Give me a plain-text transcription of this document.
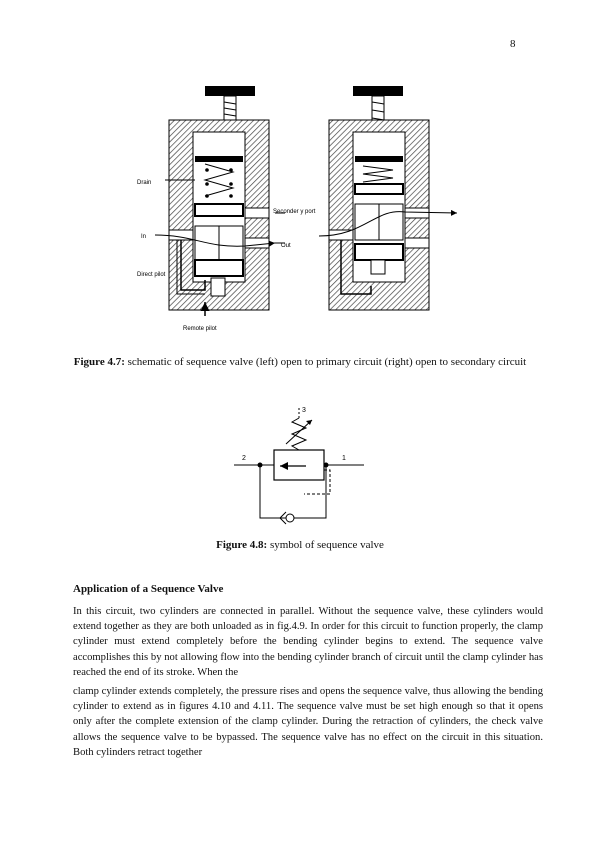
8
Drain
In
Out
Seconder y port
Direct pilot
Remote pilot
Figure 4.7: schematic of sequence valve (left) open to primary circuit (right) open to secondary circuit
2	1
3
Figure 4.8: symbol of sequence valve
Application of a Sequence Valve

In this circuit, two cylinders are connected in parallel. Without the sequence valve, these cylinders would extend together as they are both unloaded as in fig.4.9. In order for this circuit to function properly, the clamp cylinder must extend completely before the bending cylinder begins to extend. The sequence valve accomplishes this by not allowing flow into the bending cylinder branch of circuit until the clamp cylinder has reached the end of its stroke. When the

clamp cylinder extends completely, the pressure rises and opens the sequence valve, thus allowing the bending cylinder to extend as in figures 4.10 and 4.11. The sequence valve must be set high enough so that it opens only after the complete extension of the clamp cylinder. During the retraction of cylinders, the check valve allows the sequence valve to be bypassed. The sequence valve has no effect on the circuit in this situation. Both cylinders retract together
